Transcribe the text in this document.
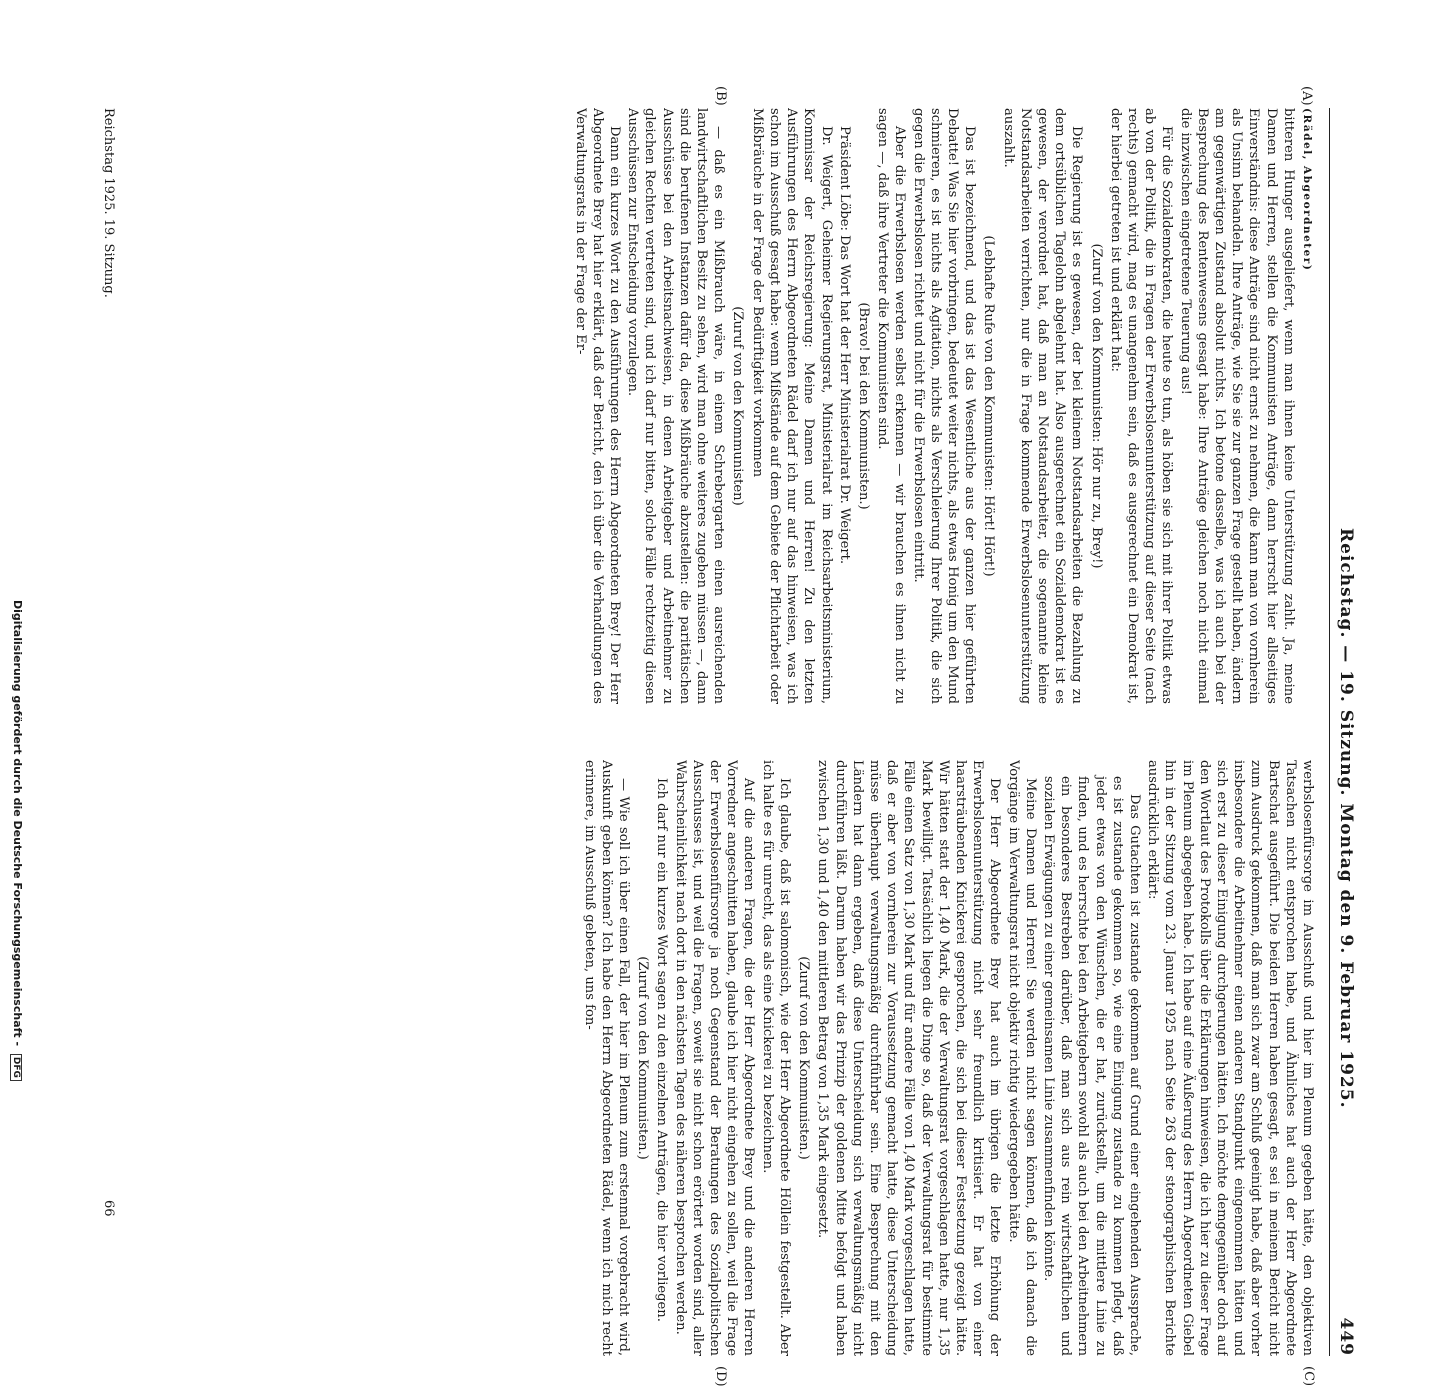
Reichstag. — 19. Sitzung. Montag den 9. Februar 1925.
449
(A)
(B)
(C)
(D)

(Rädel, Abgeordneter)

bitteren Hunger ausgeliefert, wenn man ihnen keine Unterstützung zahlt. Ja, meine Damen und Herren, stellen die Kommunisten Anträge, dann herrscht hier allseitiges Einverständnis: diese Anträge sind nicht ernst zu nehmen, die kann man von vornherein als Unsinn behandeln. Ihre Anträge, wie Sie sie zur ganzen Frage gestellt haben, ändern am gegenwärtigen Zustand absolut nichts. Ich betone dasselbe, was ich auch bei der Besprechung des Rentenwesens gesagt habe: Ihre Anträge gleichen noch nicht einmal die inzwischen eingetretene Teuerung aus!

Für die Sozialdemokraten, die heute so tun, als höben sie sich mit ihrer Politik etwas ab von der Politik, die in Fragen der Erwerbslosenunterstützung auf dieser Seite (nach rechts) gemacht wird, mag es unangenehm sein, daß es ausgerechnet ein Demokrat ist, der hierbei getreten ist und erklärt hat:

(Zuruf von den Kommunisten: Hör nur zu, Brey!)

Die Regierung ist es gewesen, der bei kleinem Notstandsarbeiten die Bezahlung zu dem ortsüblichen Tagelohn abgelehnt hat. Also ausgerechnet ein Sozialdemokrat ist es gewesen, der verordnet hat, daß man an Notstandsarbeiter, die sogenannte kleine Notstandsarbeiten verrichten, nur die in Frage kommende Erwerbslosenunterstützung auszahlt.

(Lebhafte Rufe von den Kommunisten: Hört! Hört!)

Das ist bezeichnend, und das ist das Wesentliche aus der ganzen hier geführten Debatte! Was Sie hier vorbringen, bedeutet weiter nichts, als etwas Honig um den Mund schmieren, es ist nichts als Agitation, nichts als Verschleierung Ihrer Politik, die sich gegen die Erwerbslosen richtet und nicht für die Erwerbslosen eintritt.

Aber die Erwerbslosen werden selbst erkennen — wir brauchen es ihnen nicht zu sagen —, daß ihre Vertreter die Kommunisten sind.

(Bravo! bei den Kommunisten.)

Präsident Löbe: Das Wort hat der Herr Ministerialrat Dr. Weigert.

Dr. Weigert, Geheimer Regierungsrat, Ministerialrat im Reichsarbeitsministerium, Kommissar der Reichsregierung: Meine Damen und Herren! Zu den letzten Ausführungen des Herrn Abgeordneten Rädel darf ich nur auf das hinweisen, was ich schon im Ausschuß gesagt habe: wenn Mißstände auf dem Gebiete der Pflichtarbeit oder Mißbräuche in der Frage der Bedürftigkeit vorkommen

(Zuruf von den Kommunisten)

— daß es ein Mißbrauch wäre, in einem Schrebergarten einen ausreichenden landwirtschaftlichen Besitz zu sehen, wird man ohne weiteres zugeben müssen —, dann sind die berufenen Instanzen dafür da, diese Mißbräuche abzustellen: die paritätischen Ausschüsse bei den Arbeitsnachweisen, in denen Arbeitgeber und Arbeitnehmer zu gleichen Rechten vertreten sind, und ich darf nur bitten, solche Fälle rechtzeitig diesen Ausschüssen zur Entscheidung vorzulegen.

Dann ein kurzes Wort zu den Ausführungen des Herrn Abgeordneten Brey! Der Herr Abgeordnete Brey hat hier erklärt, daß der Bericht, den ich über die Verhandlungen des Verwaltungsrats in der Frage der Er-

werbslosenfürsorge im Ausschuß und hier im Plenum gegeben hätte, den objektiven Tatsachen nicht entsprochen habe, und Ähnliches hat auch der Herr Abgeordnete Bartschat ausgeführt. Die beiden Herren haben gesagt, es sei in meinem Bericht nicht zum Ausdruck gekommen, daß man sich zwar am Schluß geeinigt habe, daß aber vorher insbesondere die Arbeitnehmer einen anderen Standpunkt eingenommen hätten und sich erst zu dieser Einigung durchgerungen hätten. Ich möchte demgegenüber doch auf den Wortlaut des Protokolls über die Erklärungen hinweisen, die ich hier zu dieser Frage im Plenum abgegeben habe. Ich habe auf eine Äußerung des Herrn Abgeordneten Giebel hin in der Sitzung vom 23. Januar 1925 nach Seite 263 der stenographischen Berichte ausdrücklich erklärt:

Das Gutachten ist zustande gekommen auf Grund einer eingehenden Aussprache, es ist zustande gekommen so, wie eine Einigung zustande zu kommen pflegt, daß jeder etwas von den Wünschen, die er hat, zurückstellt, um die mittlere Linie zu finden, und es herrschte bei den Arbeitgebern sowohl als auch bei den Arbeitnehmern ein besonderes Bestreben darüber, daß man sich aus rein wirtschaftlichen und sozialen Erwägungen zu einer gemeinsamen Linie zusammenfinden könnte.

Meine Damen und Herren! Sie werden nicht sagen können, daß ich danach die Vorgänge im Verwaltungsrat nicht objektiv richtig wiedergegeben hätte.

Der Herr Abgeordnete Brey hat auch im übrigen die letzte Erhöhung der Erwerbslosenunterstützung nicht sehr freundlich kritisiert. Er hat von einer haarsträubenden Knickerei gesprochen, die sich bei dieser Festsetzung gezeigt hätte. Wir hätten statt der 1,40 Mark, die der Verwaltungsrat vorgeschlagen hatte, nur 1,35 Mark bewilligt. Tatsächlich liegen die Dinge so, daß der Verwaltungsrat für bestimmte Fälle einen Satz von 1,30 Mark und für andere Fälle von 1,40 Mark vorgeschlagen hatte, daß er aber von vornherein zur Voraussetzung gemacht hatte, diese Unterscheidung müsse überhaupt verwaltungsmäßig durchführbar sein. Eine Besprechung mit den Ländern hat dann ergeben, daß diese Unterscheidung sich verwaltungsmäßig nicht durchführen läßt. Darum haben wir das Prinzip der goldenen Mitte befolgt und haben zwischen 1,30 und 1,40 den mittleren Betrag von 1,35 Mark eingesetzt.

(Zuruf von den Kommunisten.)

Ich glaube, daß ist salomonisch, wie der Herr Abgeordnete Höllein festgestellt. Aber ich halte es für unrecht, das als eine Knickerei zu bezeichnen.

Auf die anderen Fragen, die der Herr Abgeordnete Brey und die anderen Herren Vorredner angeschnitten haben, glaube ich hier nicht eingehen zu sollen, weil die Frage der Erwerbslosenfürsorge ja noch Gegenstand der Beratungen des Sozialpolitischen Ausschusses ist, und weil die Fragen, soweit sie nicht schon erörtert worden sind, aller Wahrscheinlichkeit nach dort in den nächsten Tagen des näheren besprochen werden.

Ich darf nur ein kurzes Wort sagen zu den einzelnen Anträgen, die hier vorliegen.

(Zuruf von den Kommunisten.)

— Wie soll ich über einen Fall, der hier im Plenum zum erstenmal vorgebracht wird, Auskunft geben können? Ich habe den Herrn Abgeordneten Rädel, wenn ich mich recht erinnere, im Ausschuß gebeten, uns fon-

Reichstag 1925. 19. Sitzung.
66
Digitalisierung gefördert durch die Deutsche Forschungsgemeinschaft - DFG
